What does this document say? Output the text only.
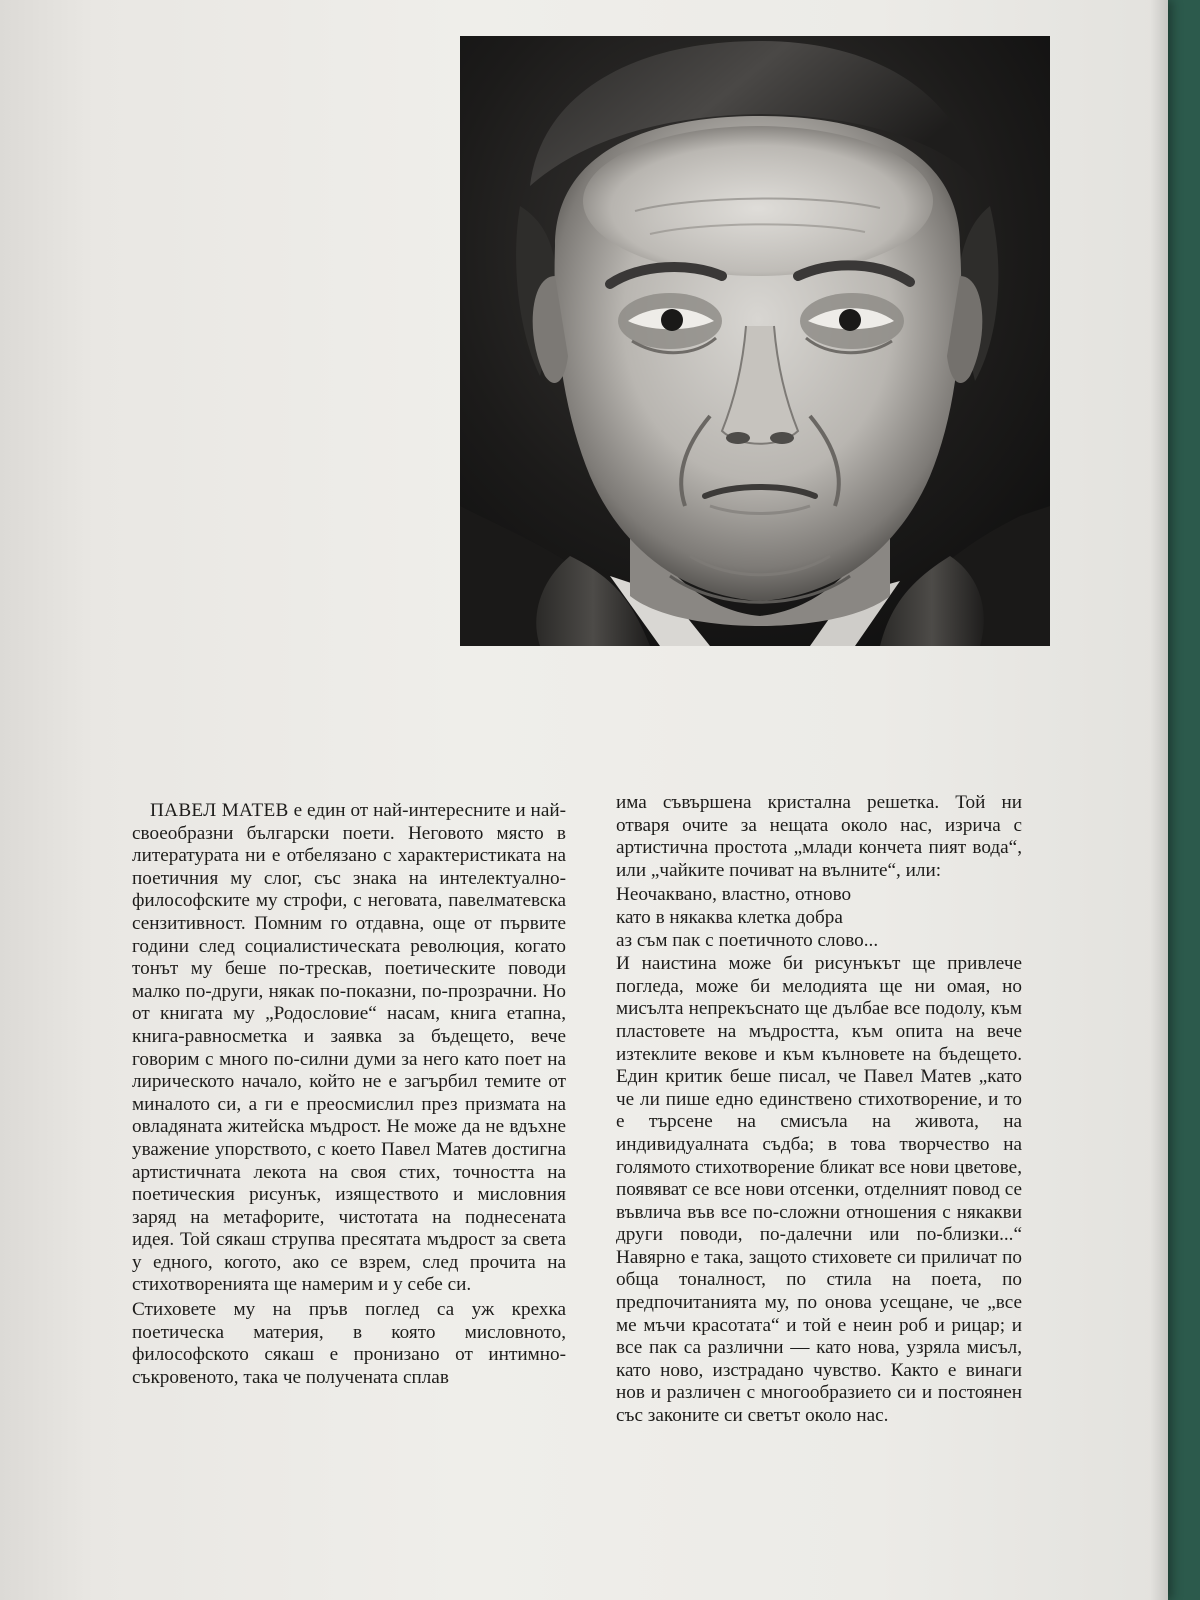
ПАВЕЛ МАТЕВ е един от най-интересните и най-своеобразни български поети. Неговото място в литературата ни е отбелязано с характеристиката на поетичния му слог, със знака на интелектуално-философските му строфи, с неговата, павелматевска сензитивност. Помним го отдавна, още от първите години след социалистическата революция, когато тонът му беше по-трескав, поетическите поводи малко по-други, някак по-показни, по-прозрачни. Но от книгата му „Родословие“ насам, книга етапна, книга-равносметка и заявка за бъдещето, вече говорим с много по-силни думи за него като поет на лирическото начало, който не е загърбил темите от миналото си, а ги е преосмислил през призмата на овладяната житейска мъдрост. Не може да не вдъхне уважение упорството, с което Павел Матев достигна артистичната лекота на своя стих, точността на поетическия рисунък, изяществото и мисловния заряд на метафорите, чистотата на поднесената идея. Той сякаш струпва пресятата мъдрост за света у едного, когото, ако се взрем, след прочита на стихотворенията ще намерим и у себе си.

Стиховете му на пръв поглед са уж крехка поетическа материя, в която мисловното, философското сякаш е пронизано от интимно-съкровеното, така че получената сплав

има съвършена кристална решетка. Той ни отваря очите за нещата около нас, изрича с артистична простота „млади кончета пият вода“, или „чайките почиват на вълните“, или:

Неочаквано, властно, отново
като в някаква клетка добра
аз съм пак с поетичното слово...

И наистина може би рисунъкът ще привлече погледа, може би мелодията ще ни омая, но мисълта непрекъснато ще дълбае все подолу, към пластовете на мъдростта, към опита на вече изтеклите векове и към кълновете на бъдещето. Един критик беше писал, че Павел Матев „като че ли пише едно единствено стихотворение, и то е търсене на смисъла на живота, на индивидуалната съдба; в това творчество на голямото стихотворение бликат все нови цветове, появяват се все нови отсенки, отделният повод се въвлича във все по-сложни отношения с някакви други поводи, по-далечни или по-близки...“ Навярно е така, защото стиховете си приличат по обща тоналност, по стила на поета, по предпочитанията му, по онова усещане, че „все ме мъчи красотата“ и той е неин роб и рицар; и все пак са различни — като нова, узряла мисъл, като ново, изстрадано чувство. Както е винаги нов и различен с многообразието си и постоянен със законите си светът около нас.
